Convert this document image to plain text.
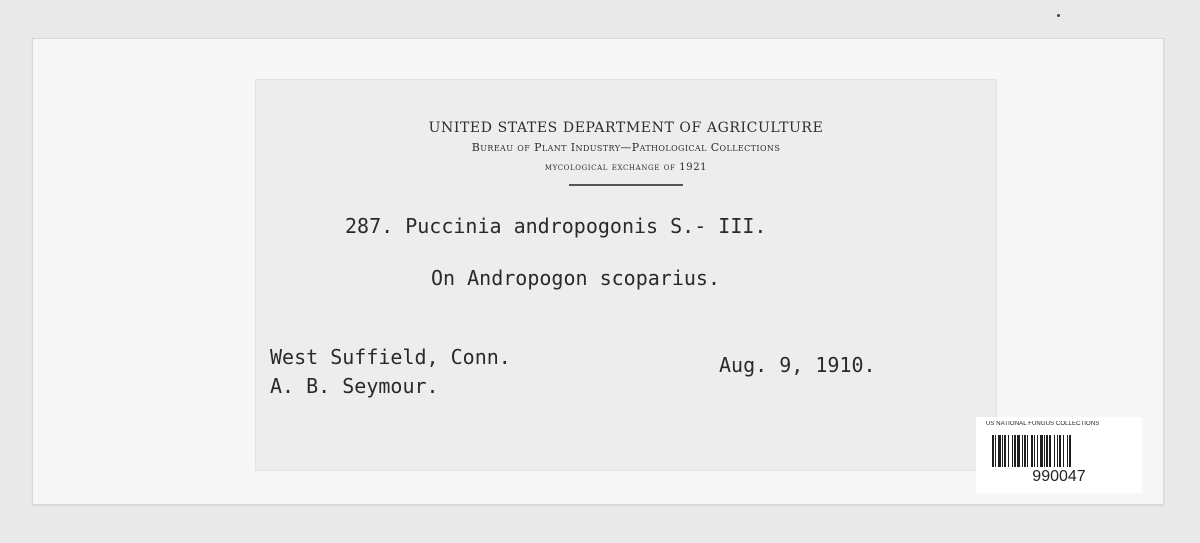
UNITED STATES DEPARTMENT OF AGRICULTURE
Bureau of Plant Industry—Pathological Collections
mycological exchange of 1921
287. Puccinia andropogonis S.- III.
On Andropogon scoparius.
West Suffield, Conn.
A. B. Seymour.
Aug. 9, 1910.
US NATIONAL FUNGUS COLLECTIONS
990047
